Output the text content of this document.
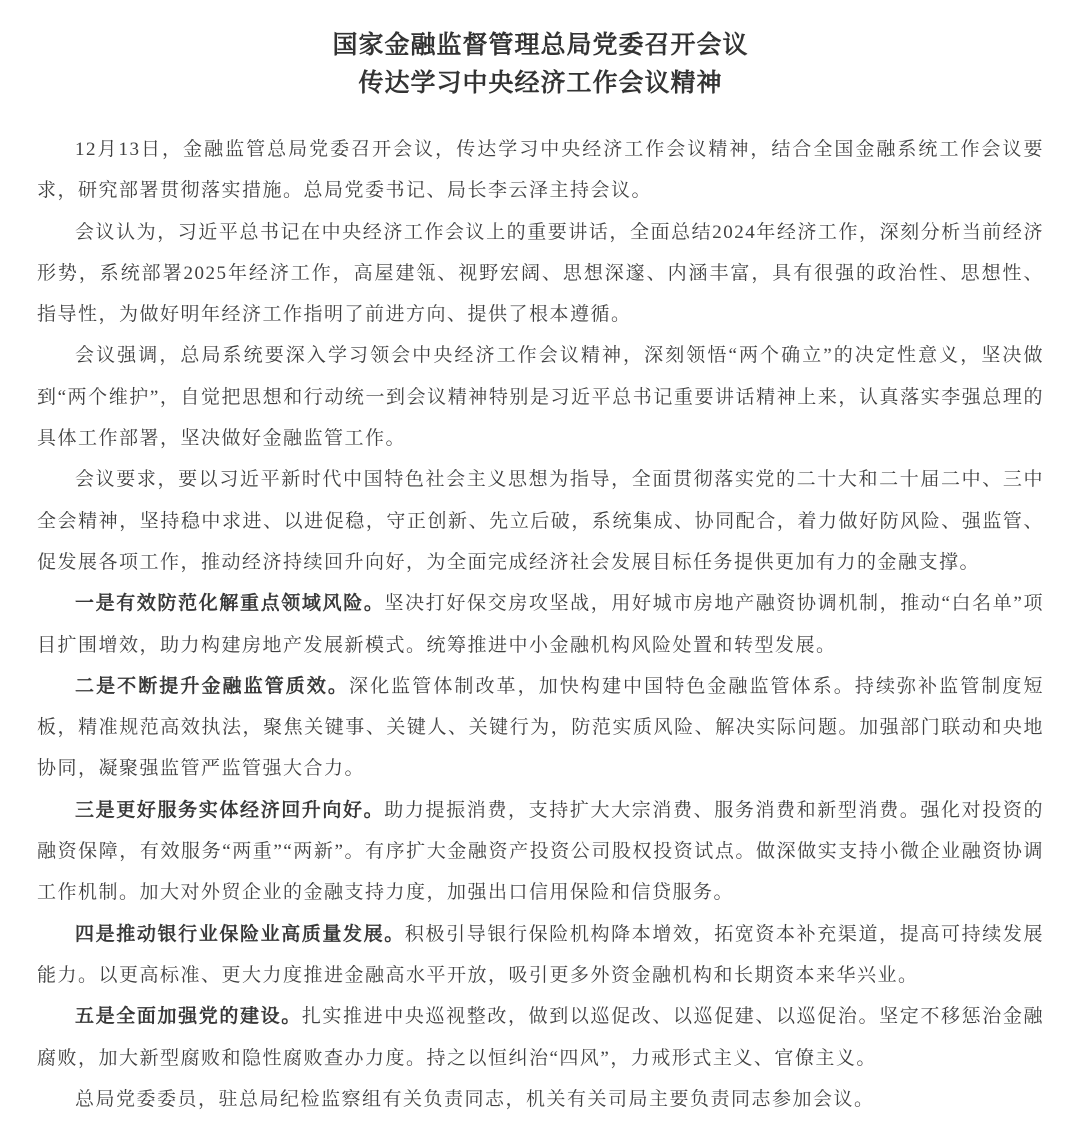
国家金融监督管理总局党委召开会议
传达学习中央经济工作会议精神

12月13日，金融监管总局党委召开会议，传达学习中央经济工作会议精神，结合全国金融系统工作会议要求，研究部署贯彻落实措施。总局党委书记、局长李云泽主持会议。

会议认为，习近平总书记在中央经济工作会议上的重要讲话，全面总结2024年经济工作，深刻分析当前经济形势，系统部署2025年经济工作，高屋建瓴、视野宏阔、思想深邃、内涵丰富，具有很强的政治性、思想性、指导性，为做好明年经济工作指明了前进方向、提供了根本遵循。

会议强调，总局系统要深入学习领会中央经济工作会议精神，深刻领悟“两个确立”的决定性意义，坚决做到“两个维护”，自觉把思想和行动统一到会议精神特别是习近平总书记重要讲话精神上来，认真落实李强总理的具体工作部署，坚决做好金融监管工作。

会议要求，要以习近平新时代中国特色社会主义思想为指导，全面贯彻落实党的二十大和二十届二中、三中全会精神，坚持稳中求进、以进促稳，守正创新、先立后破，系统集成、协同配合，着力做好防风险、强监管、促发展各项工作，推动经济持续回升向好，为全面完成经济社会发展目标任务提供更加有力的金融支撑。

一是有效防范化解重点领域风险。坚决打好保交房攻坚战，用好城市房地产融资协调机制，推动“白名单”项目扩围增效，助力构建房地产发展新模式。统筹推进中小金融机构风险处置和转型发展。

二是不断提升金融监管质效。深化监管体制改革，加快构建中国特色金融监管体系。持续弥补监管制度短板，精准规范高效执法，聚焦关键事、关键人、关键行为，防范实质风险、解决实际问题。加强部门联动和央地协同，凝聚强监管严监管强大合力。

三是更好服务实体经济回升向好。助力提振消费，支持扩大大宗消费、服务消费和新型消费。强化对投资的融资保障，有效服务“两重”“两新”。有序扩大金融资产投资公司股权投资试点。做深做实支持小微企业融资协调工作机制。加大对外贸企业的金融支持力度，加强出口信用保险和信贷服务。

四是推动银行业保险业高质量发展。积极引导银行保险机构降本增效，拓宽资本补充渠道，提高可持续发展能力。以更高标准、更大力度推进金融高水平开放，吸引更多外资金融机构和长期资本来华兴业。

五是全面加强党的建设。扎实推进中央巡视整改，做到以巡促改、以巡促建、以巡促治。坚定不移惩治金融腐败，加大新型腐败和隐性腐败查办力度。持之以恒纠治“四风”，力戒形式主义、官僚主义。

总局党委委员，驻总局纪检监察组有关负责同志，机关有关司局主要负责同志参加会议。
